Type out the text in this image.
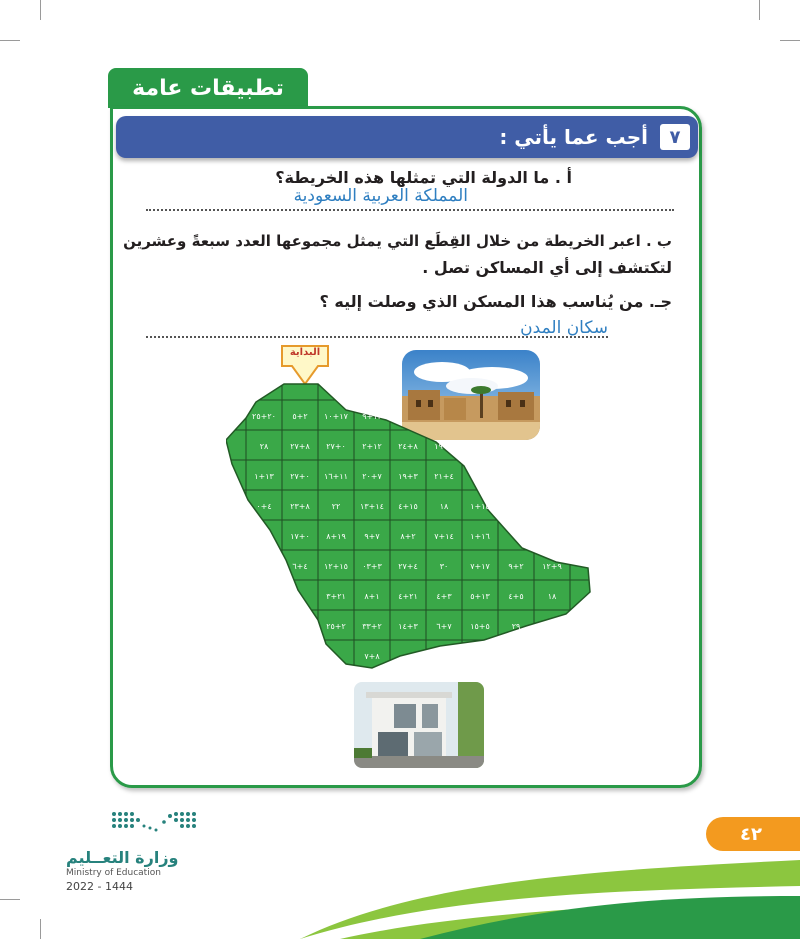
تطبيقات عامة
٧
أجب عما يأتي :
أ . ما الدولة التي تمثلها هذه الخريطة؟
المملكة العربية السعودية
ب . اعبر الخريطة من خلال القِطَع التي يمثل مجموعها العدد سبعةً وعشرين
لتكتشف إلى أي المساكن تصل .
جـ. من يُناسب هذا المسكن الذي وصلت إليه ؟
سكان المدن
البداية
٢٠+٢٥ ٢+٥ ١٧+١٠ ١٢+٩
٢٨	٨+٢٧ ٠+٢٧ ١٢+٢ ٨+٢٤ ٨+١٩
١٣+١ ٠+٢٧ ١١+١٦ ٧+٢٠ ٣+١٩ ٤+٢١
٤+٠ ٨+٢٣	٢٢ ١٤+١٣ ١٥+٤	١٨	١٥+١
٠+١٧ ١٩+٨ ٧+٩	٢+٨ ١٤+٧ ١٦+١
٤+٦ ١٥+١٢ ٣+٠٣ ٤+٢٧	٣٠	١٧+٧ ٢+٩ ٩+١٢
٢١+٣ ١+٨ ٢١+٤ ٣+٤ ١٣+٥ ٥+٤	١٨
٢+٢٥ ٢+٣٣ ٣+١٤ ٧+٦ ٥+١٥	٢٩
٨+٧
٤٢
وزارة التعــليم
Ministry of Education
2022 - 1444
